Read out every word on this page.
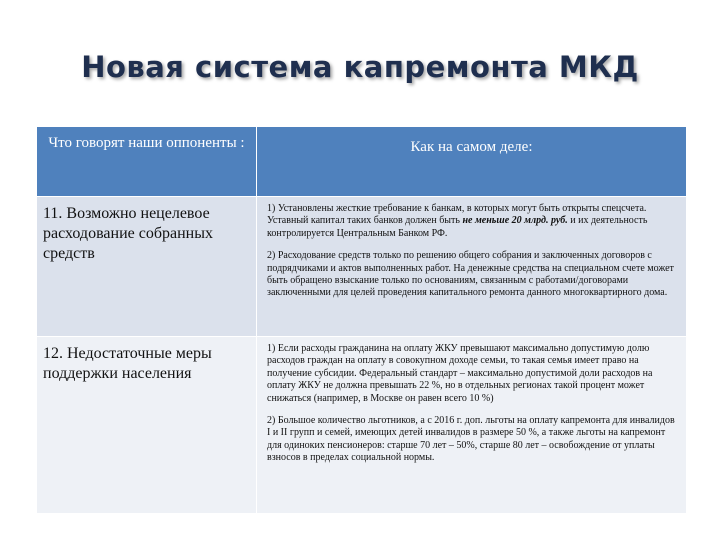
Новая система капремонта МКД
Что говорят наши оппоненты :	Как на самом деле:

11. Возможно нецелевое расходование собранных средств	1) Установлены жесткие требование к банкам, в которых могут быть открыты спецсчета. Уставный капитал таких банков должен быть не меньше 20 млрд. руб. и их деятельность контролируется Центральным Банком РФ.

2) Расходование средств только по решению общего собрания и заключенных договоров с подрядчиками и актов выполненных работ. На денежные средства на специальном счете может быть обращено взыскание только по основаниям, связанным с работами/договорами заключенными для целей проведения капитального ремонта данного многоквартирного дома.

12. Недостаточные меры поддержки населения	1) Если расходы гражданина на оплату ЖКУ превышают максимально допустимую долю расходов граждан на оплату в совокупном доходе семьи, то такая семья имеет право на получение субсидии. Федеральный стандарт – максимально допустимой доли расходов на оплату ЖКУ не должна превышать 22 %, но в отдельных регионах такой процент может снижаться (например, в Москве он равен всего 10 %)

2) Большое количество льготников, а с 2016 г. доп. льготы на оплату капремонта для инвалидов I и II групп и семей, имеющих детей инвалидов в размере 50 %, а также льготы на капремонт для одиноких пенсионеров: старше 70 лет – 50%, старше 80 лет – освобождение от уплаты взносов в пределах социальной нормы.
